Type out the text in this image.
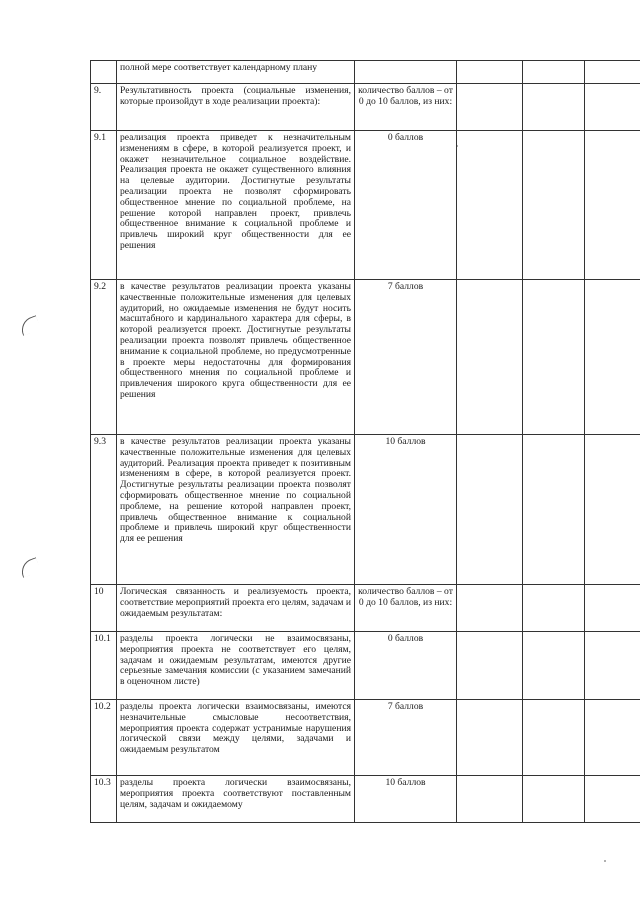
	полной мере соответствует календарному плану				
9.	Результативность проекта (социальные изменения, которые произойдут в ходе реализации проекта):	количество баллов – от 0 до 10 баллов, из них:			
9.1	реализация проекта приведет к незначительным изменениям в сфере, в которой реализуется проект, и окажет незначительное социальное воздействие. Реализация проекта не окажет существенного влияния на целевые аудитории. Достигнутые результаты реализации проекта не позволят сформировать общественное мнение по социальной проблеме, на решение которой направлен проект, привлечь общественное внимание к социальной проблеме и привлечь широкий круг общественности для ее решения	0 баллов			
9.2	в качестве результатов реализации проекта указаны качественные положительные изменения для целевых аудиторий, но ожидаемые изменения не будут носить масштабного и кардинального характера для сферы, в которой реализуется проект. Достигнутые результаты реализации проекта позволят привлечь общественное внимание к социальной проблеме, но предусмотренные в проекте меры недостаточны для формирования общественного мнения по социальной проблеме и привлечения широкого круга общественности для ее решения	7 баллов			
9.3	в качестве результатов реализации проекта указаны качественные положительные изменения для целевых аудиторий. Реализация проекта приведет к позитивным изменениям в сфере, в которой реализуется проект. Достигнутые результаты реализации проекта позволят сформировать общественное мнение по социальной проблеме, на решение которой направлен проект, привлечь общественное внимание к социальной проблеме и привлечь широкий круг общественности для ее решения	10 баллов			
10	Логическая связанность и реализуемость проекта, соответствие мероприятий проекта его целям, задачам и ожидаемым результатам:	количество баллов – от 0 до 10 баллов, из них:			
10.1	разделы проекта логически не взаимосвязаны, мероприятия проекта не соответствует его целям, задачам и ожидаемым результатам, имеются другие серьезные замечания комиссии (с указанием замечаний в оценочном листе)	0 баллов			
10.2	разделы проекта логически взаимосвязаны, имеются незначительные смысловые несоответствия, мероприятия проекта содержат устранимые нарушения логической связи между целями, задачами и ожидаемым результатом	7 баллов			
10.3	разделы проекта логически взаимосвязаны, мероприятия проекта соответствуют поставленным целям, задачам и ожидаемому	10 баллов			
